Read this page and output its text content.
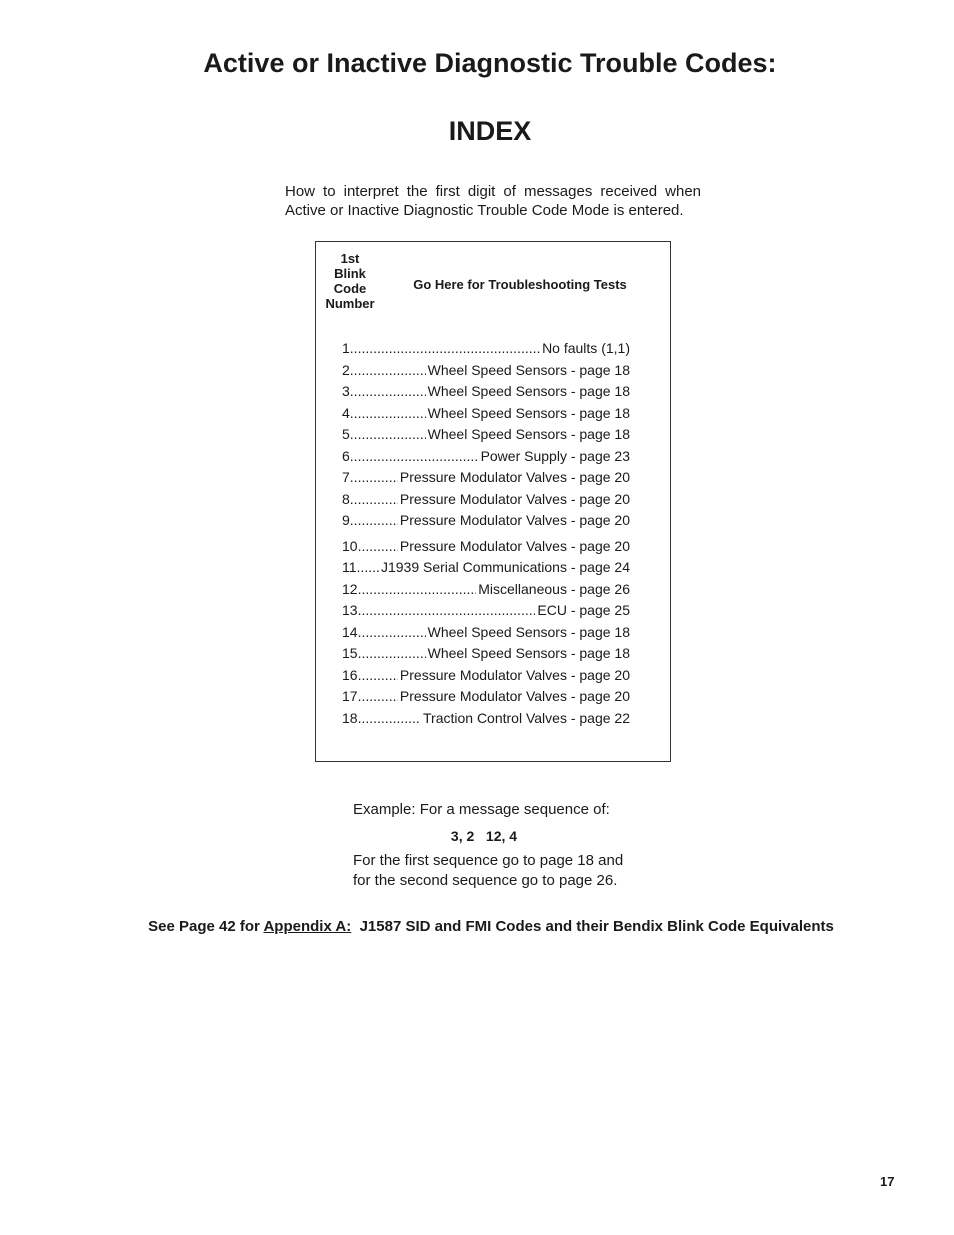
Active or Inactive Diagnostic Trouble Codes:
INDEX

How to interpret the first digit of messages received when Active or Inactive Diagnostic Trouble Code Mode is entered.

1st
Blink
Code
Number
Go Here for Troubleshooting Tests
1 .....	No faults (1,1)
2 .....	Wheel Speed Sensors - page 18
3 .....	Wheel Speed Sensors - page 18
4 .....	Wheel Speed Sensors - page 18
5 .....	Wheel Speed Sensors - page 18
6 .....	Power Supply - page 23
7 .....	Pressure Modulator Valves - page 20
8 .....	Pressure Modulator Valves - page 20
9 .....	Pressure Modulator Valves - page 20
10 .....	Pressure Modulator Valves - page 20
11 ..... J1939 Serial Communications - page 24
12 .....	Miscellaneous - page 26
13 .....	ECU - page 25
14 .....	Wheel Speed Sensors - page 18
15 .....	Wheel Speed Sensors - page 18
16 .....	Pressure Modulator Valves - page 20
17 .....	Pressure Modulator Valves - page 20
18 .....	Traction Control Valves - page 22

Example: For a message sequence of:

3, 2   12, 4

For the first sequence go to page 18 and for the second sequence go to page 26.

See Page 42 for Appendix A:  J1587 SID and FMI Codes and their Bendix Blink Code Equivalents
17
